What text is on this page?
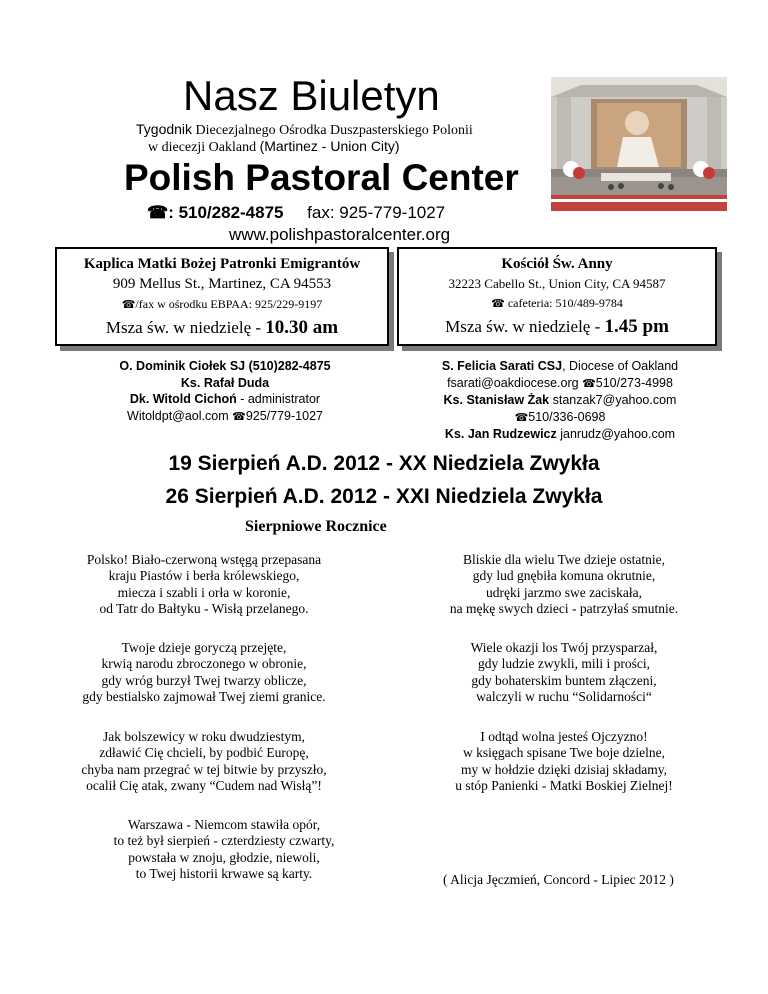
Nasz Biuletyn
Tygodnik Diecezjalnego Ośrodka Duszpasterskiego Polonii
w diecezji Oakland (Martinez - Union City)
Polish Pastoral Center
☎: 510/282-4875 fax: 925-779-1027
www.polishpastoralcenter.org
Kaplica Matki Bożej Patronki Emigrantów
909 Mellus St., Martinez, CA 94553
☎/fax w ośrodku EBPAA: 925/229-9197
Msza św. w niedzielę - 10.30 am
Kościół Św. Anny
32223 Cabello St., Union City, CA 94587
☎ cafeteria: 510/489-9784
Msza św. w niedzielę - 1.45 pm
O. Dominik Ciołek SJ (510)282-4875
Ks. Rafał Duda
Dk. Witold Cichoń - administrator
Witoldpt@aol.com ☎925/779-1027
S. Felicia Sarati CSJ, Diocese of Oakland
fsarati@oakdiocese.org ☎510/273-4998
Ks. Stanisław Żak stanzak7@yahoo.com
☎510/336-0698
Ks. Jan Rudzewicz janrudz@yahoo.com
19 Sierpień A.D. 2012 - XX Niedziela Zwykła
26 Sierpień A.D. 2012 - XXI Niedziela Zwykła
Sierpniowe Rocznice
Polsko! Biało-czerwoną wstęgą przepasana
kraju Piastów i berła królewskiego,
miecza i szabli i orła w koronie,
od Tatr do Bałtyku - Wisłą przelanego.
Twoje dzieje goryczą przejęte,
krwią narodu zbroczonego w obronie,
gdy wróg burzył Twej twarzy oblicze,
gdy bestialsko zajmował Twej ziemi granice.
Jak bolszewicy w roku dwudziestym,
zdławić Cię chcieli, by podbić Europę,
chyba nam przegrać w tej bitwie by przyszło,
ocalił Cię atak, zwany “Cudem nad Wisłą”!
Warszawa - Niemcom stawiła opór,
to też był sierpień - czterdziesty czwarty,
powstała w znoju, głodzie, niewoli,
to Twej historii krwawe są karty.
Bliskie dla wielu Twe dzieje ostatnie,
gdy lud gnębiła komuna okrutnie,
udręki jarzmo swe zaciskała,
na mękę swych dzieci - patrzyłaś smutnie.
Wiele okazji los Twój przysparzał,
gdy ludzie zwykli, mili i prości,
gdy bohaterskim buntem złączeni,
walczyli w ruchu “Solidarności“
I odtąd wolna jesteś Ojczyzno!
w księgach spisane Twe boje dzielne,
my w hołdzie dzięki dzisiaj składamy,
u stóp Panienki - Matki Boskiej Zielnej!
( Alicja Jęczmień, Concord - Lipiec 2012 )
